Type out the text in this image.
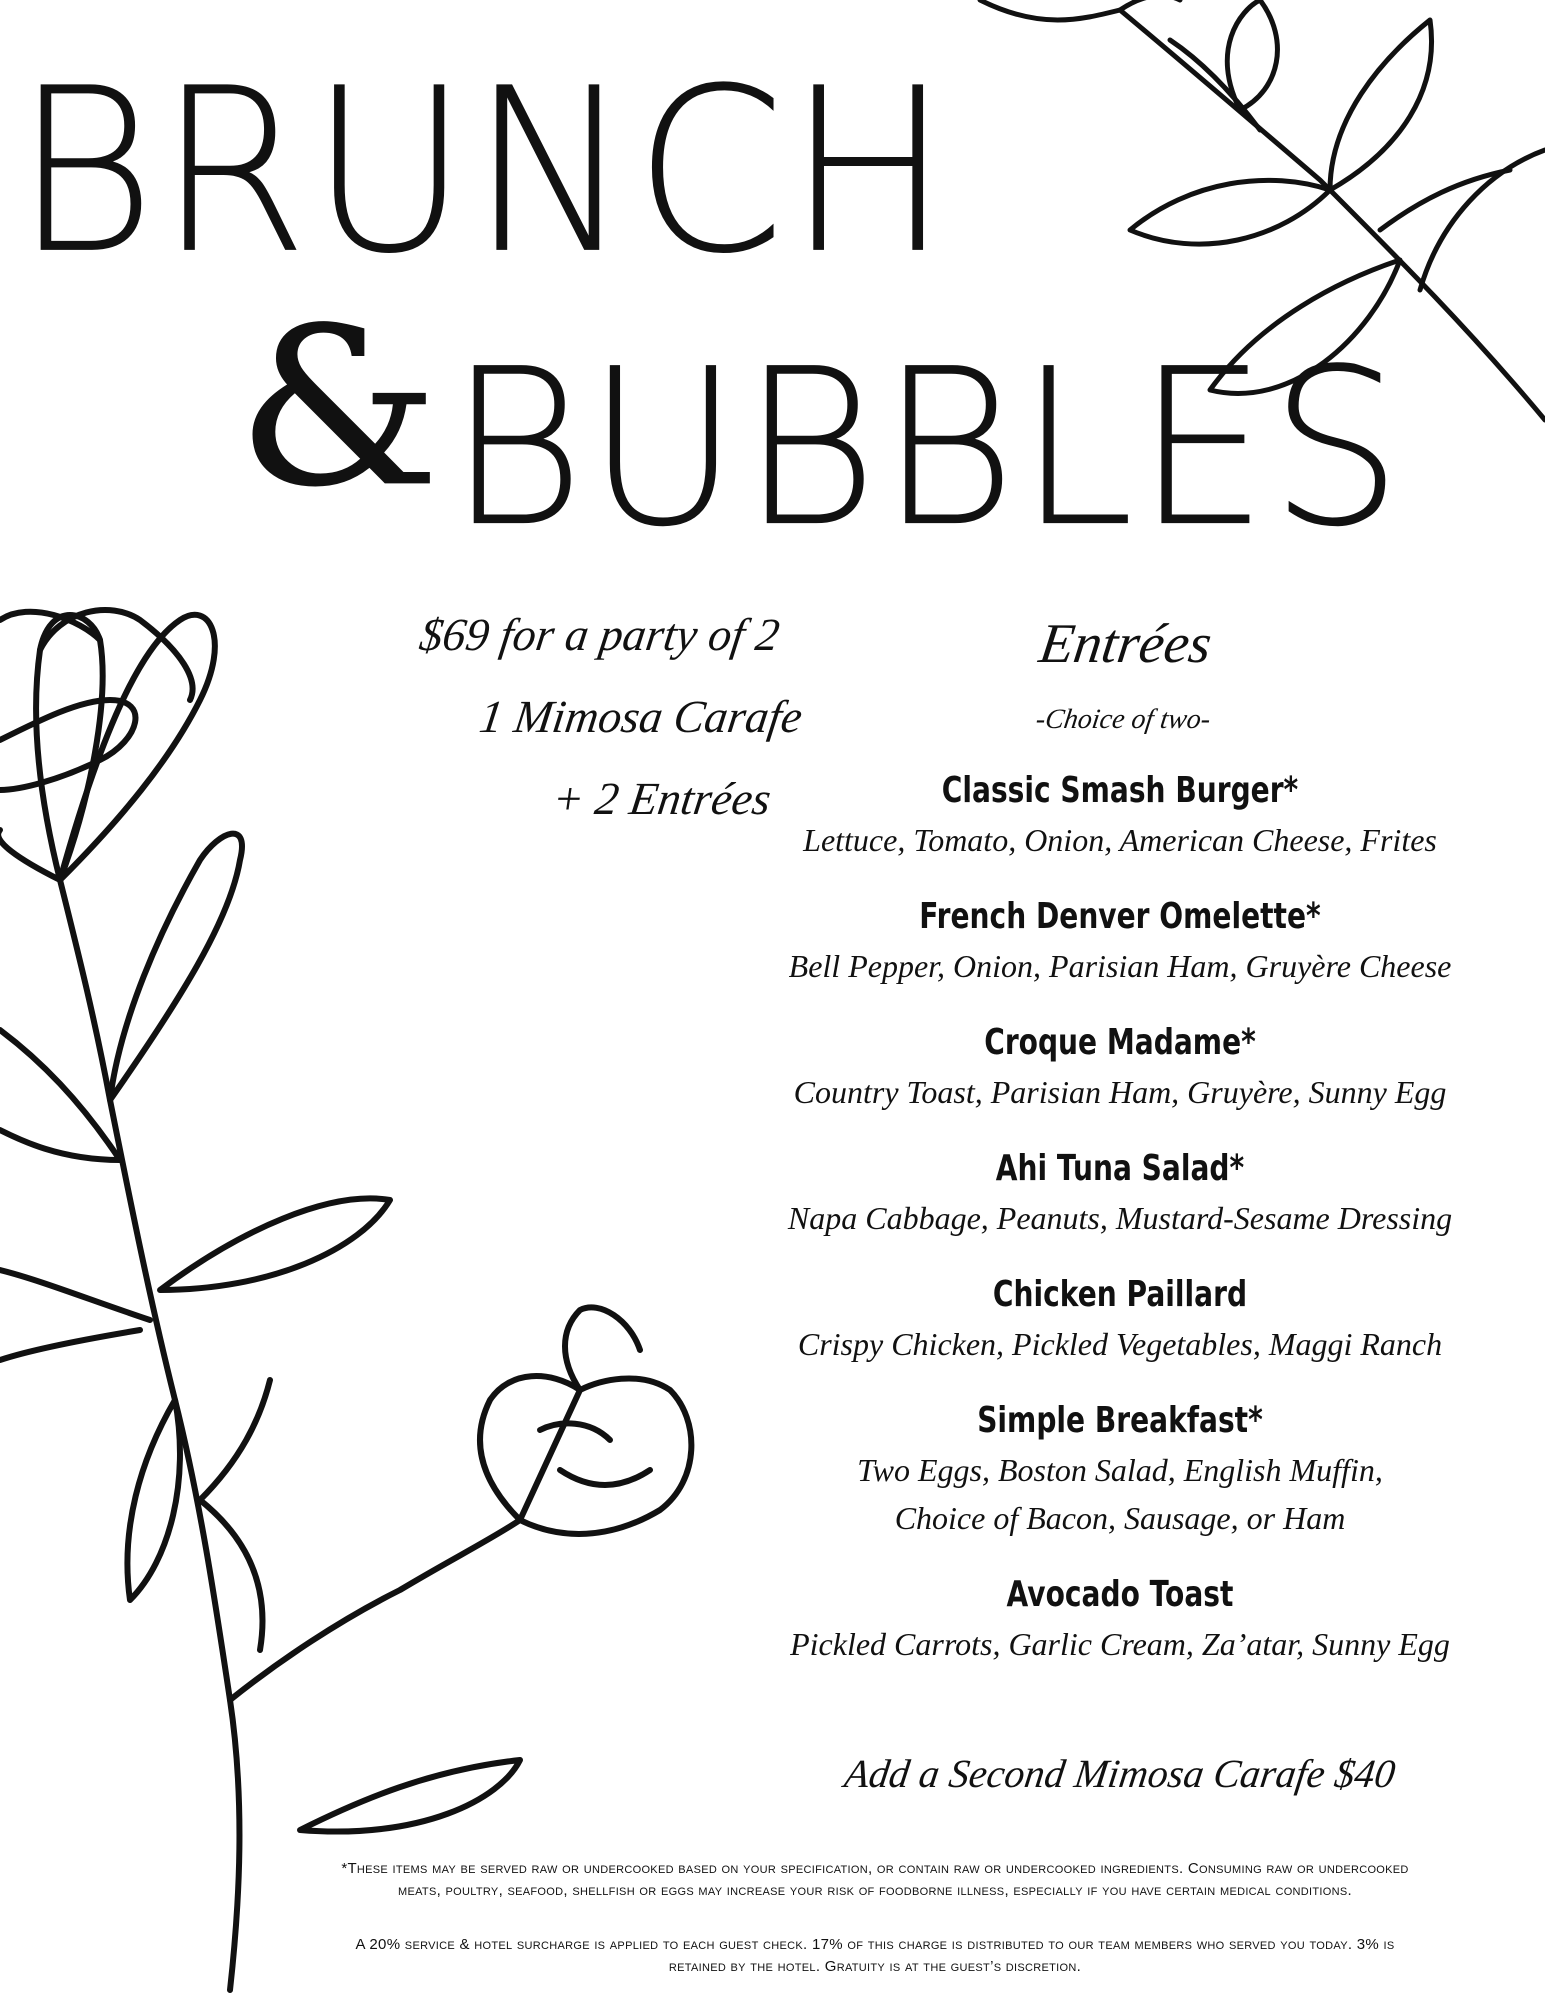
BRUNCH
& BUBBLES

$69 for a party of 2

1 Mimosa Carafe

+ 2 Entrées

Entrées

-Choice of two-

Classic Smash Burger*
Lettuce, Tomato, Onion, American Cheese, Frites
French Denver Omelette*
Bell Pepper, Onion, Parisian Ham, Gruyère Cheese
Croque Madame*
Country Toast, Parisian Ham, Gruyère, Sunny Egg
Ahi Tuna Salad*
Napa Cabbage, Peanuts, Mustard-Sesame Dressing
Chicken Paillard
Crispy Chicken, Pickled Vegetables, Maggi Ranch
Simple Breakfast*
Two Eggs, Boston Salad, English Muffin,
Choice of Bacon, Sausage, or Ham
Avocado Toast
Pickled Carrots, Garlic Cream, Za’atar, Sunny Egg
Add a Second Mimosa Carafe $40

*These items may be served raw or undercooked based on your specification, or contain raw or undercooked ingredients. Consuming raw or undercooked meats, poultry, seafood, shellfish or eggs may increase your risk of foodborne illness, especially if you have certain medical conditions.

A 20% service & hotel surcharge is applied to each guest check. 17% of this charge is distributed to our team members who served you today. 3% is retained by the hotel. Gratuity is at the guest’s discretion.
